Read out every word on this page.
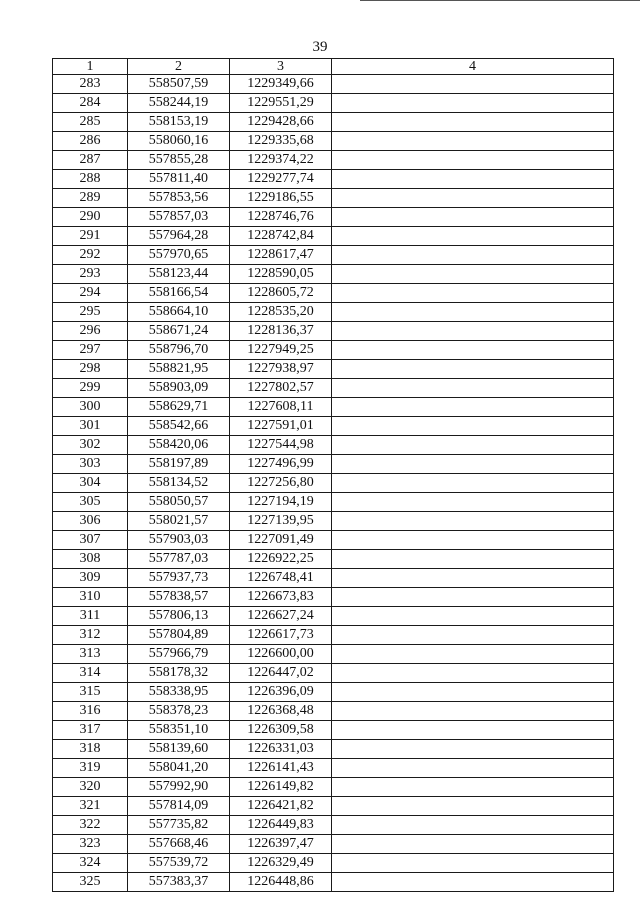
39
1	2	3	4
283	558507,59	1229349,66	
284	558244,19	1229551,29	
285	558153,19	1229428,66	
286	558060,16	1229335,68	
287	557855,28	1229374,22	
288	557811,40	1229277,74	
289	557853,56	1229186,55	
290	557857,03	1228746,76	
291	557964,28	1228742,84	
292	557970,65	1228617,47	
293	558123,44	1228590,05	
294	558166,54	1228605,72	
295	558664,10	1228535,20	
296	558671,24	1228136,37	
297	558796,70	1227949,25	
298	558821,95	1227938,97	
299	558903,09	1227802,57	
300	558629,71	1227608,11	
301	558542,66	1227591,01	
302	558420,06	1227544,98	
303	558197,89	1227496,99	
304	558134,52	1227256,80	
305	558050,57	1227194,19	
306	558021,57	1227139,95	
307	557903,03	1227091,49	
308	557787,03	1226922,25	
309	557937,73	1226748,41	
310	557838,57	1226673,83	
311	557806,13	1226627,24	
312	557804,89	1226617,73	
313	557966,79	1226600,00	
314	558178,32	1226447,02	
315	558338,95	1226396,09	
316	558378,23	1226368,48	
317	558351,10	1226309,58	
318	558139,60	1226331,03	
319	558041,20	1226141,43	
320	557992,90	1226149,82	
321	557814,09	1226421,82	
322	557735,82	1226449,83	
323	557668,46	1226397,47	
324	557539,72	1226329,49	
325	557383,37	1226448,86	
